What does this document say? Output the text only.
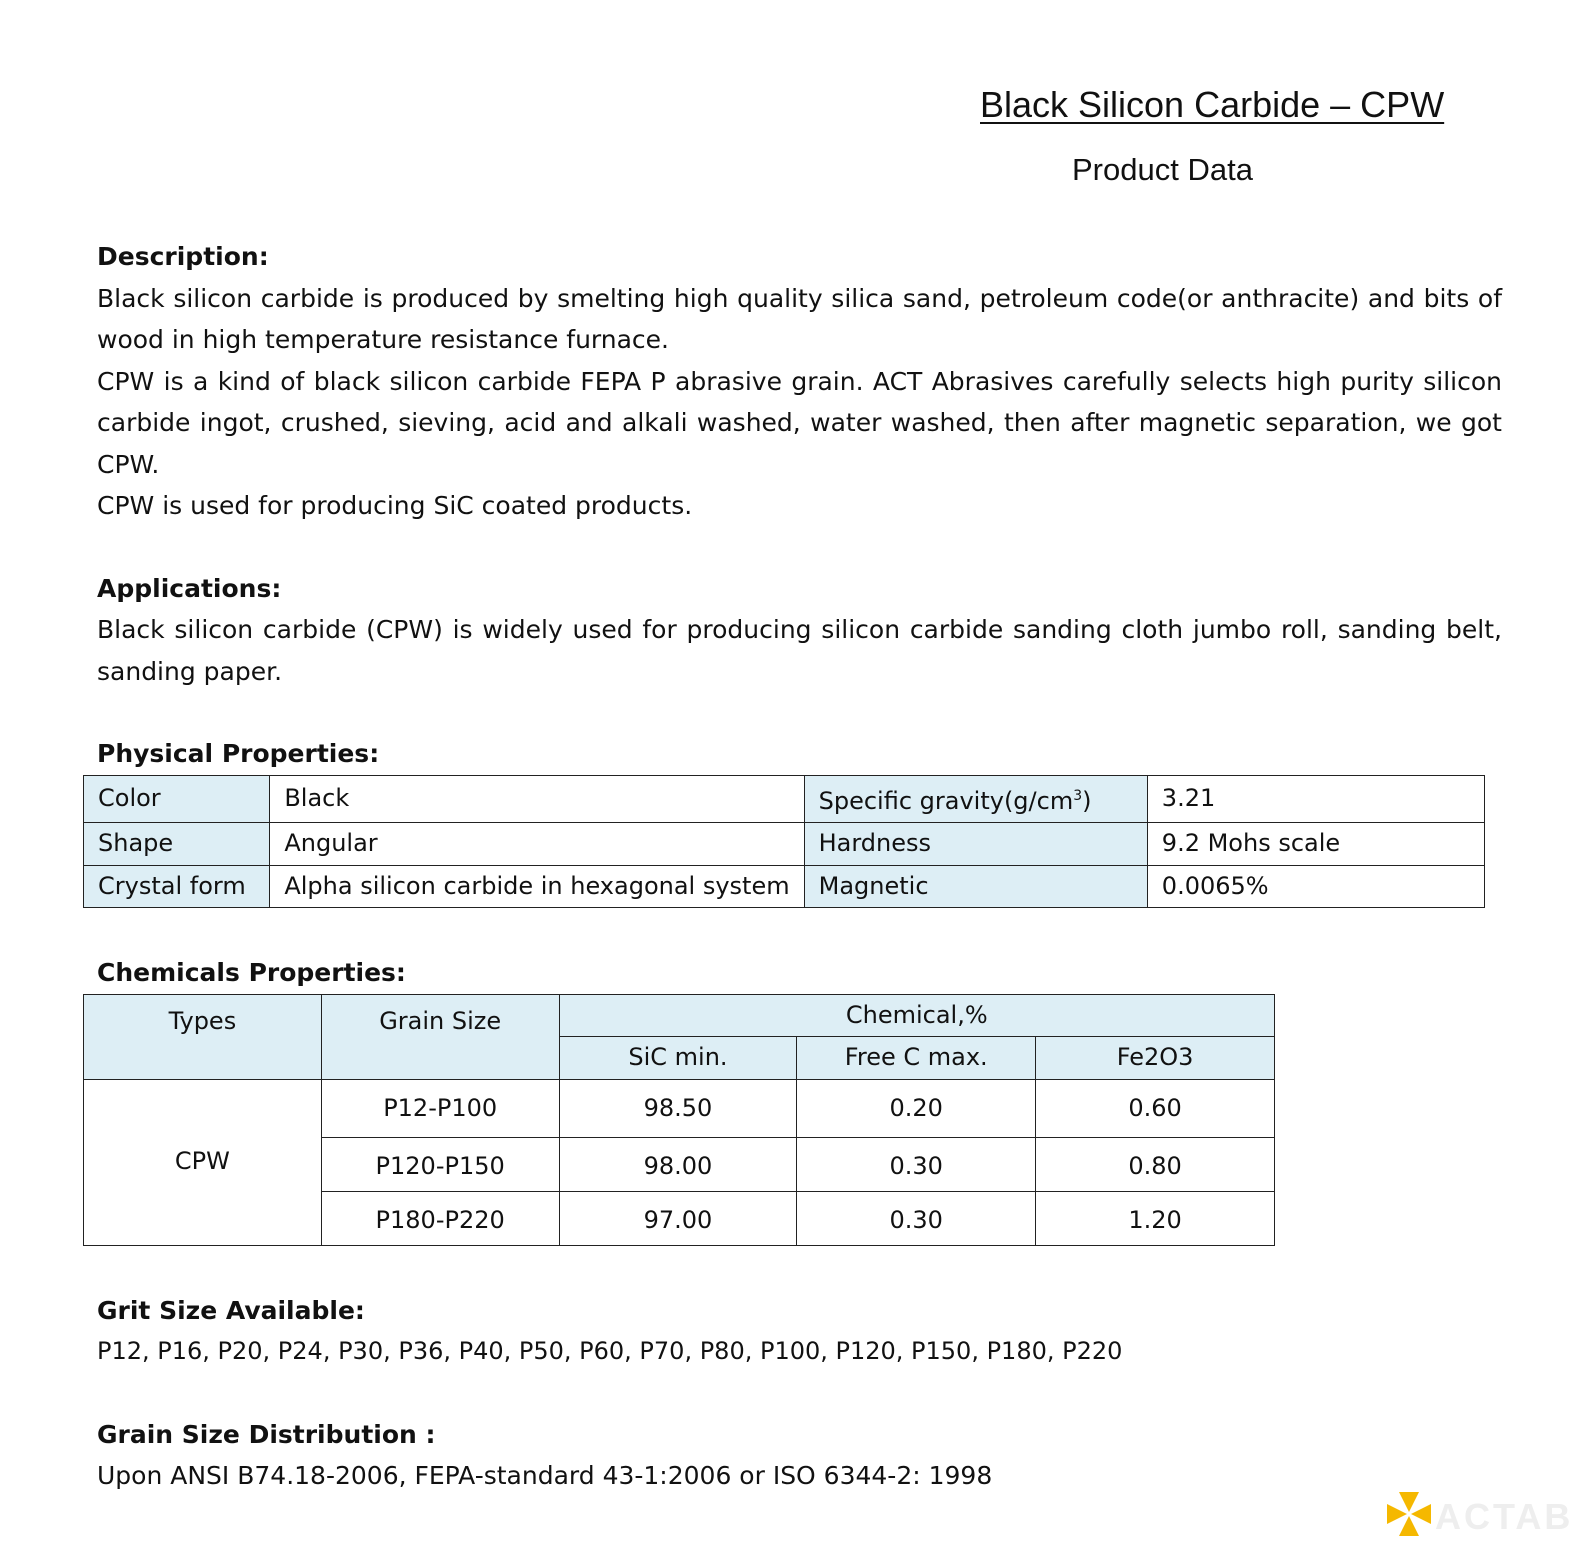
Black Silicon Carbide – CPW
Product Data
Description:

Black silicon carbide is produced by smelting high quality silica sand, petroleum code(or anthracite) and bits of wood in high temperature resistance furnace.

CPW is a kind of black silicon carbide FEPA P abrasive grain. ACT Abrasives carefully selects high purity silicon carbide ingot, crushed, sieving, acid and alkali washed, water washed, then after magnetic separation, we got CPW.

CPW is used for producing SiC coated products.

Applications:

Black silicon carbide (CPW) is widely used for producing silicon carbide sanding cloth jumbo roll, sanding belt, sanding paper.

Physical Properties:
Color	Black	Specific $gravity(g/cm^3)$	3.21
Shape	Angular	Hardness	9.2 Mohs scale
Crystal form	Alpha silicon carbide in hexagonal system	Magnetic	0.0065%
Chemicals Properties:
Types	Grain Size	Chemical,%		
		SiC min.	Free C max.	Fe2O3
CPW	P12-P100	98.50	0.20	0.60
	P120-P150	98.00	0.30	0.80
	P180-P220	97.00	0.30	1.20
Grit Size Available:

P12, P16, P20, P24, P30, P36, P40, P50, P60, P70, P80, P100, P120, P150, P180, P220

Grain Size Distribution :

Upon ANSI B74.18-2006, FEPA-standard 43-1:2006 or ISO 6344-2: 1998

ACTAB
